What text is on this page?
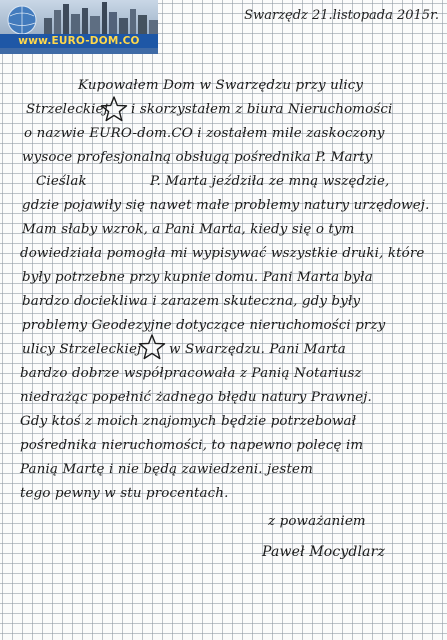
www.EURO-DOM.CO
Swarzędz 21.listopada 2015r.
Kupowałem Dom w Swarzędzu przy ulicy
Strzeleckiej i skorzystałem z biura Nieruchomości
o nazwie EURO-dom.CO i zostałem mile zaskoczony
wysoce profesjonalną obsługą pośrednika P. Marty
Cieślak	P. Marta jeździła ze mną wszędzie,
gdzie pojawiły się nawet małe problemy natury urzędowej.
Mam słaby wzrok, a Pani Marta, kiedy się o tym
dowiedziała pomogła mi wypisywać wszystkie druki, które
były potrzebne przy kupnie domu. Pani Marta była
bardzo dociekliwa i zarazem skuteczna, gdy były
problemy Geodezyjne dotyczące nieruchomości przy
ulicy Strzeleckiej w Swarzędzu. Pani Marta
bardzo dobrze współpracowała z Panią Notariusz
niedrażąc popełnić żadnego błędu natury Prawnej.
Gdy ktoś z moich znajomych będzie potrzebował
pośrednika nieruchomości, to napewno polecę im
Panią Martę i nie będą zawiedzeni. jestem
tego pewny w stu procentach.
z poważaniem
Paweł Mocydlarz
